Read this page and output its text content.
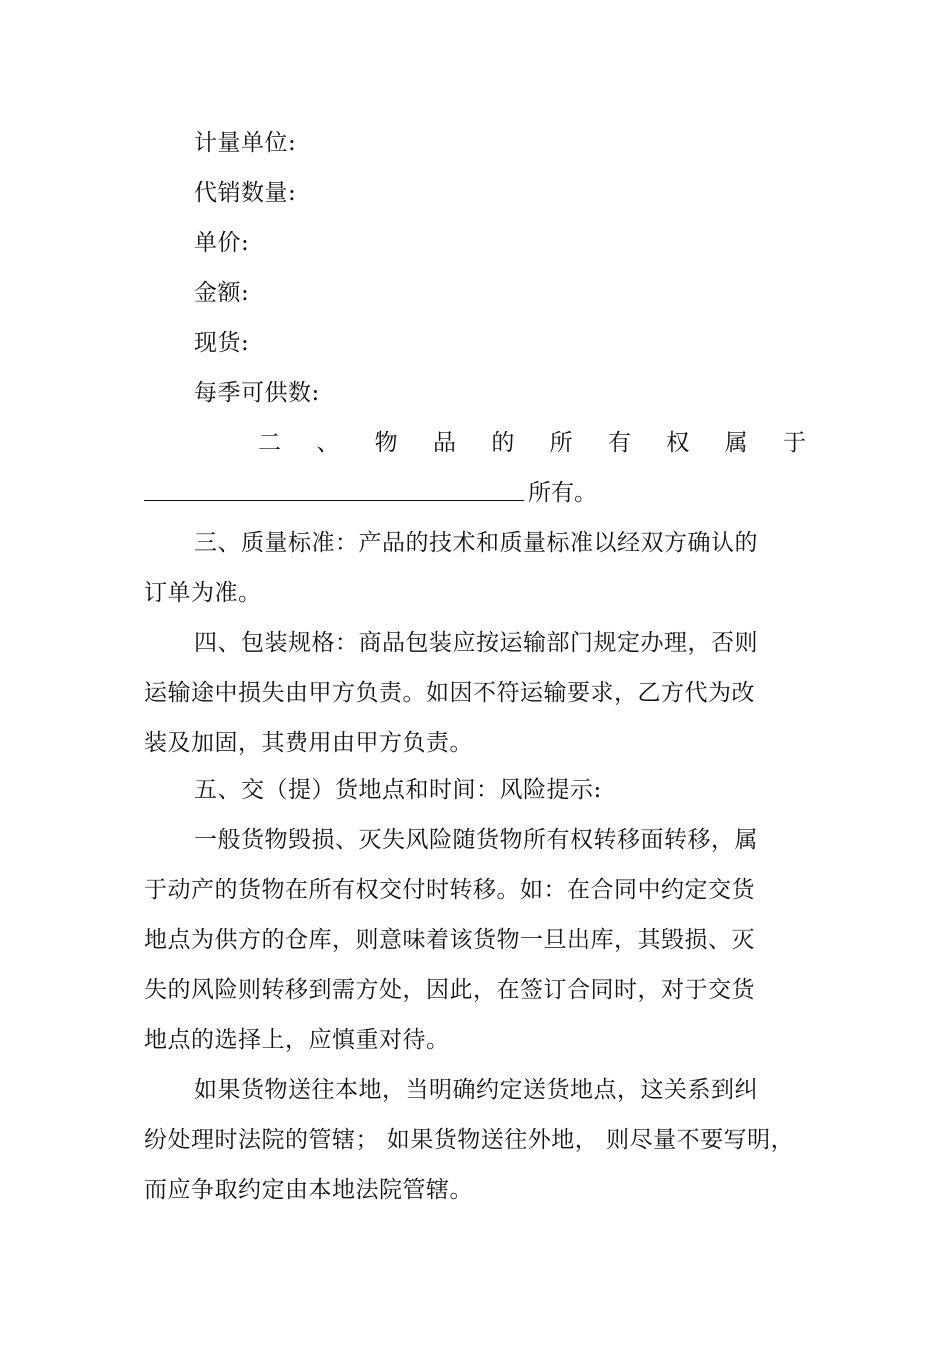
计量单位:
代销数量:
单价:
金额:
现货:
每季可供数:
二 、 物 品 的 所 有 权 属 于
所有。
三、质量标准：产品的技术和质量标准以经双方确认的
订单为准。
四、包装规格：商品包装应按运输部门规定办理，否则
运输途中损失由甲方负责。如因不符运输要求，乙方代为改
装及加固，其费用由甲方负责。
五、交（提）货地点和时间：风险提示:
一般货物毁损、灭失风险随货物所有权转移面转移，属
于动产的货物在所有权交付时转移。如：在合同中约定交货
地点为供方的仓库，则意味着该货物一旦出库，其毁损、灭
失的风险则转移到需方处，因此，在签订合同时，对于交货
地点的选择上，应慎重对待。
如果货物送往本地，当明确约定送货地点，这关系到纠
纷处理时法院的管辖； 如果货物送往外地， 则尽量不要写明，
而应争取约定由本地法院管辖。
